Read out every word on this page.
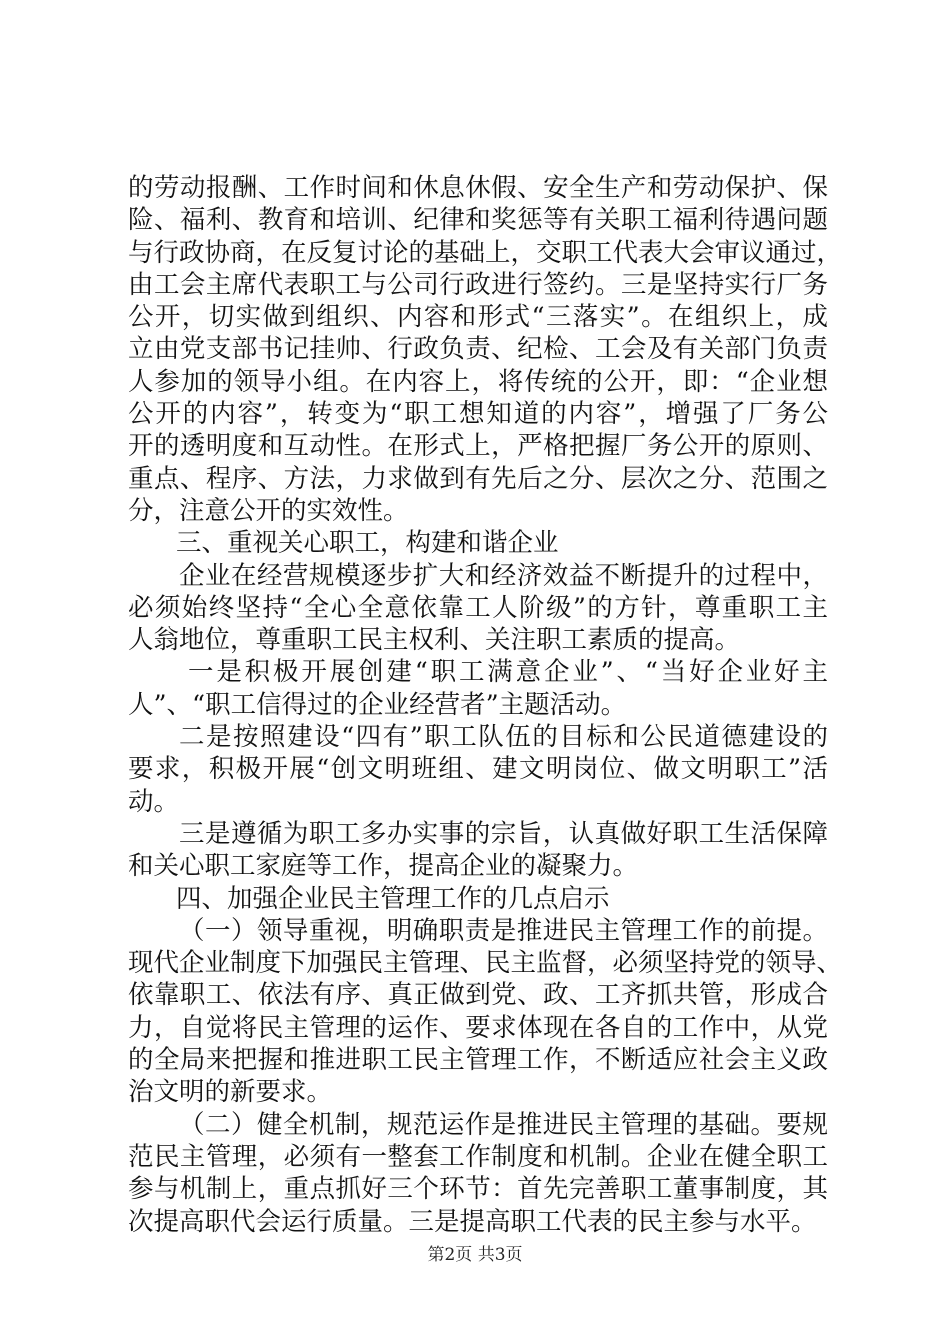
的劳动报酬、工作时间和休息休假、安全生产和劳动保护、保
险、福利、教育和培训、纪律和奖惩等有关职工福利待遇问题
与行政协商，在反复讨论的基础上，交职工代表大会审议通过，
由工会主席代表职工与公司行政进行签约。三是坚持实行厂务
公开，切实做到组织、内容和形式“三落实”。在组织上，成
立由党支部书记挂帅、行政负责、纪检、工会及有关部门负责
人参加的领导小组。在内容上，将传统的公开，即：“企业想
公开的内容”，转变为“职工想知道的内容”，增强了厂务公
开的透明度和互动性。在形式上，严格把握厂务公开的原则、
重点、程序、方法，力求做到有先后之分、层次之分、范围之
分，注意公开的实效性。
三、重视关心职工，构建和谐企业
企业在经营规模逐步扩大和经济效益不断提升的过程中，
必须始终坚持“全心全意依靠工人阶级”的方针，尊重职工主
人翁地位，尊重职工民主权利、关注职工素质的提高。
一是积极开展创建“职工满意企业”、“当好企业好主
人”、“职工信得过的企业经营者”主题活动。
二是按照建设“四有”职工队伍的目标和公民道德建设的
要求，积极开展“创文明班组、建文明岗位、做文明职工”活
动。
三是遵循为职工多办实事的宗旨，认真做好职工生活保障
和关心职工家庭等工作，提高企业的凝聚力。
四、加强企业民主管理工作的几点启示
（一）领导重视，明确职责是推进民主管理工作的前提。
现代企业制度下加强民主管理、民主监督，必须坚持党的领导、
依靠职工、依法有序、真正做到党、政、工齐抓共管，形成合
力，自觉将民主管理的运作、要求体现在各自的工作中，从党
的全局来把握和推进职工民主管理工作，不断适应社会主义政
治文明的新要求。
（二）健全机制，规范运作是推进民主管理的基础。要规
范民主管理，必须有一整套工作制度和机制。企业在健全职工
参与机制上，重点抓好三个环节：首先完善职工董事制度，其
次提高职代会运行质量。三是提高职工代表的民主参与水平。
第2页 共3页
